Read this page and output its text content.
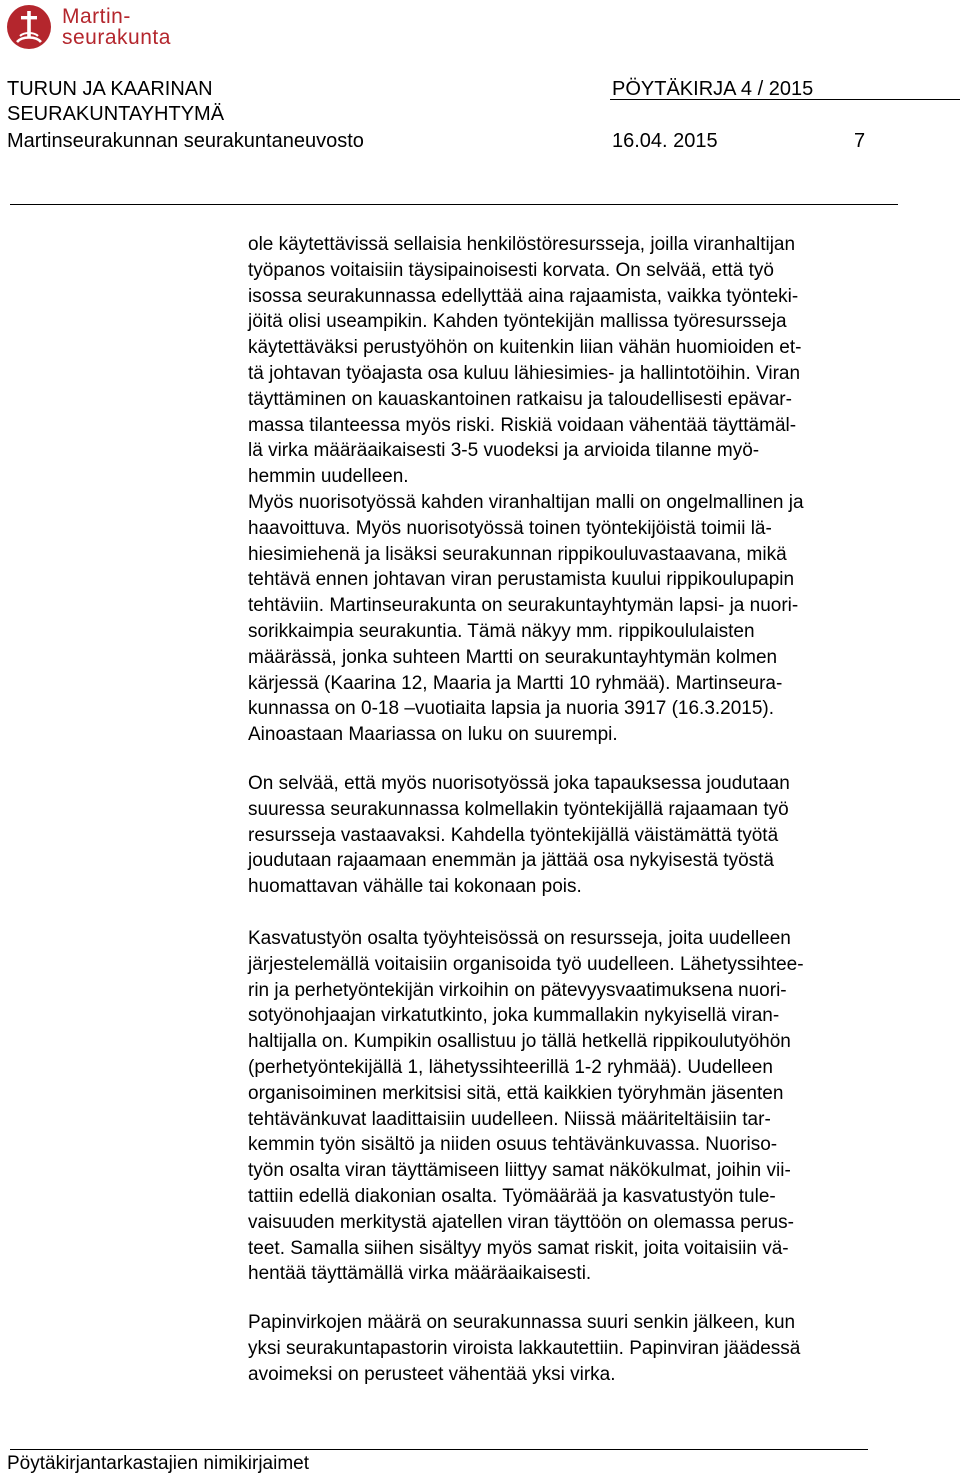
Martin-
seurakunta
TURUN JA KAARINAN
SEURAKUNTAYHTYMÄ
Martinseurakunnan seurakuntaneuvosto
PÖYTÄKIRJA 4 / 2015
16.04. 2015	7

ole käytettävissä sellaisia henkilöstöresursseja, joilla viranhaltijan
työpanos voitaisiin täysipainoisesti korvata. On selvää, että työ
isossa seurakunnassa edellyttää aina rajaamista, vaikka työnteki-
jöitä olisi useampikin. Kahden työntekijän mallissa työresursseja
käytettäväksi perustyöhön on kuitenkin liian vähän huomioiden et-
tä johtavan työajasta osa kuluu lähiesimies- ja hallintotöihin. Viran
täyttäminen on kauaskantoinen ratkaisu ja taloudellisesti epävar-
massa tilanteessa myös riski. Riskiä voidaan vähentää täyttämäl-
lä virka määräaikaisesti 3-5 vuodeksi ja arvioida tilanne myö-
hemmin uudelleen.
Myös nuorisotyössä kahden viranhaltijan malli on ongelmallinen ja
haavoittuva. Myös nuorisotyössä toinen työntekijöistä toimii lä-
hiesimiehenä ja lisäksi seurakunnan rippikouluvastaavana, mikä
tehtävä ennen johtavan viran perustamista kuului rippikoulupapin
tehtäviin. Martinseurakunta on seurakuntayhtymän lapsi- ja nuori-
sorikkaimpia seurakuntia. Tämä näkyy mm. rippikoululaisten
määrässä, jonka suhteen Martti on seurakuntayhtymän kolmen
kärjessä (Kaarina 12, Maaria ja Martti 10 ryhmää). Martinseura-
kunnassa on 0-18 –vuotiaita lapsia ja nuoria 3917 (16.3.2015).
Ainoastaan Maariassa on luku on suurempi.

On selvää, että myös nuorisotyössä joka tapauksessa joudutaan
suuressa seurakunnassa kolmellakin työntekijällä rajaamaan työ
resursseja vastaavaksi. Kahdella työntekijällä väistämättä työtä
joudutaan rajaamaan enemmän ja jättää osa nykyisestä työstä
huomattavan vähälle tai kokonaan pois.

Kasvatustyön osalta työyhteisössä on resursseja, joita uudelleen
järjestelemällä voitaisiin organisoida työ uudelleen. Lähetyssihtee-
rin ja perhetyöntekijän virkoihin on pätevyysvaatimuksena nuori-
sotyönohjaajan virkatutkinto, joka kummallakin nykyisellä viran-
haltijalla on. Kumpikin osallistuu jo tällä hetkellä rippikoulutyöhön
(perhetyöntekijällä 1, lähetyssihteerillä 1-2 ryhmää). Uudelleen
organisoiminen merkitsisi sitä, että kaikkien työryhmän jäsenten
tehtävänkuvat laadittaisiin uudelleen. Niissä määriteltäisiin tar-
kemmin työn sisältö ja niiden osuus tehtävänkuvassa. Nuoriso-
työn osalta viran täyttämiseen liittyy samat näkökulmat, joihin vii-
tattiin edellä diakonian osalta. Työmäärää ja kasvatustyön tule-
vaisuuden merkitystä ajatellen viran täyttöön on olemassa perus-
teet. Samalla siihen sisältyy myös samat riskit, joita voitaisiin vä-
hentää täyttämällä virka määräaikaisesti.

Papinvirkojen määrä on seurakunnassa suuri senkin jälkeen, kun
yksi seurakuntapastorin viroista lakkautettiin. Papinviran jäädessä
avoimeksi on perusteet vähentää yksi virka.

Pöytäkirjantarkastajien nimikirjaimet
